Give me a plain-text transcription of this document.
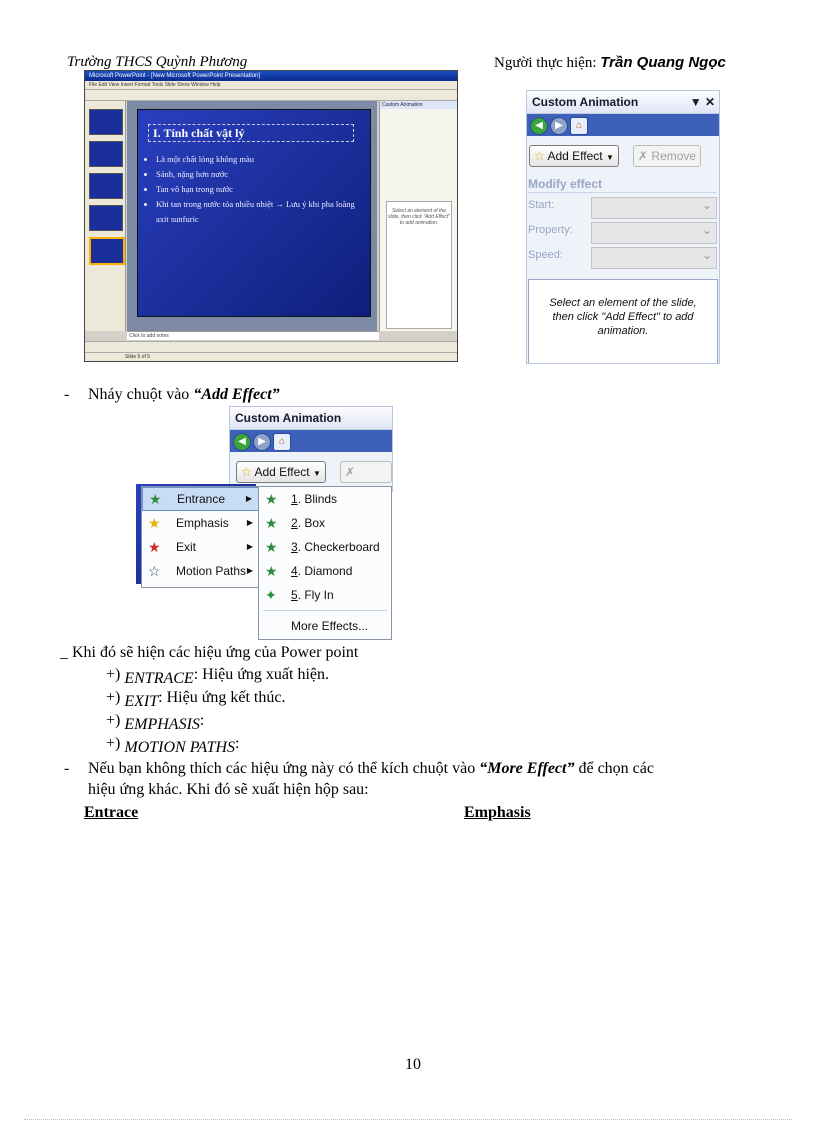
Trường THCS Quỳnh Phương	Người thực hiện: Trần Quang Ngọc
Microsoft PowerPoint - [New Microsoft PowerPoint Presentation]
File Edit View Insert Format Tools Slide Show Window Help
I. Tính chất vật lý
• Là một chất lỏng không màu
• Sánh, nặng hơn nước
• Tan vô hạn trong nước
• Khi tan trong nước tỏa nhiều nhiệt → Lưu ý khi pha loãng axit sunfuric
Custom Animation
Select an element of the slide, then click "Add Effect" to add animation.
Click to add notes
Slide 5 of 5
Custom Animation	▼ ✕
◀ ▶ ⌂
☆ Add Effect ▼	✗ Remove
Modify effect
Start:
⌄
Property:
⌄
Speed:
⌄
Select an element of the slide, then click "Add Effect" to add animation.
- Nháy chuột vào “Add Effect”
Custom Animation
◀ ▶ ⌂
☆ Add Effect ▼	✗
★ Entrance	▶
★ Emphasis ▶
★ Exit	▶
☆ Motion Paths ▶
★ 1. Blinds
★ 2. Box
★ 3. Checkerboard
★ 4. Diamond
✦ 5. Fly In
More Effects...
_ Khi đó sẽ hiện các hiệu ứng của Power point
+) ENTRACE: Hiệu ứng xuất hiện.
+) EXIT: Hiệu ứng kết thúc.
+) EMPHASIS:
+) MOTION PATHS:
- Nếu bạn không thích các hiệu ứng này có thể kích chuột vào “More Effect” để chọn các
hiệu ứng khác. Khi đó sẽ xuất hiện hộp sau:
Entrace	Emphasis
10
